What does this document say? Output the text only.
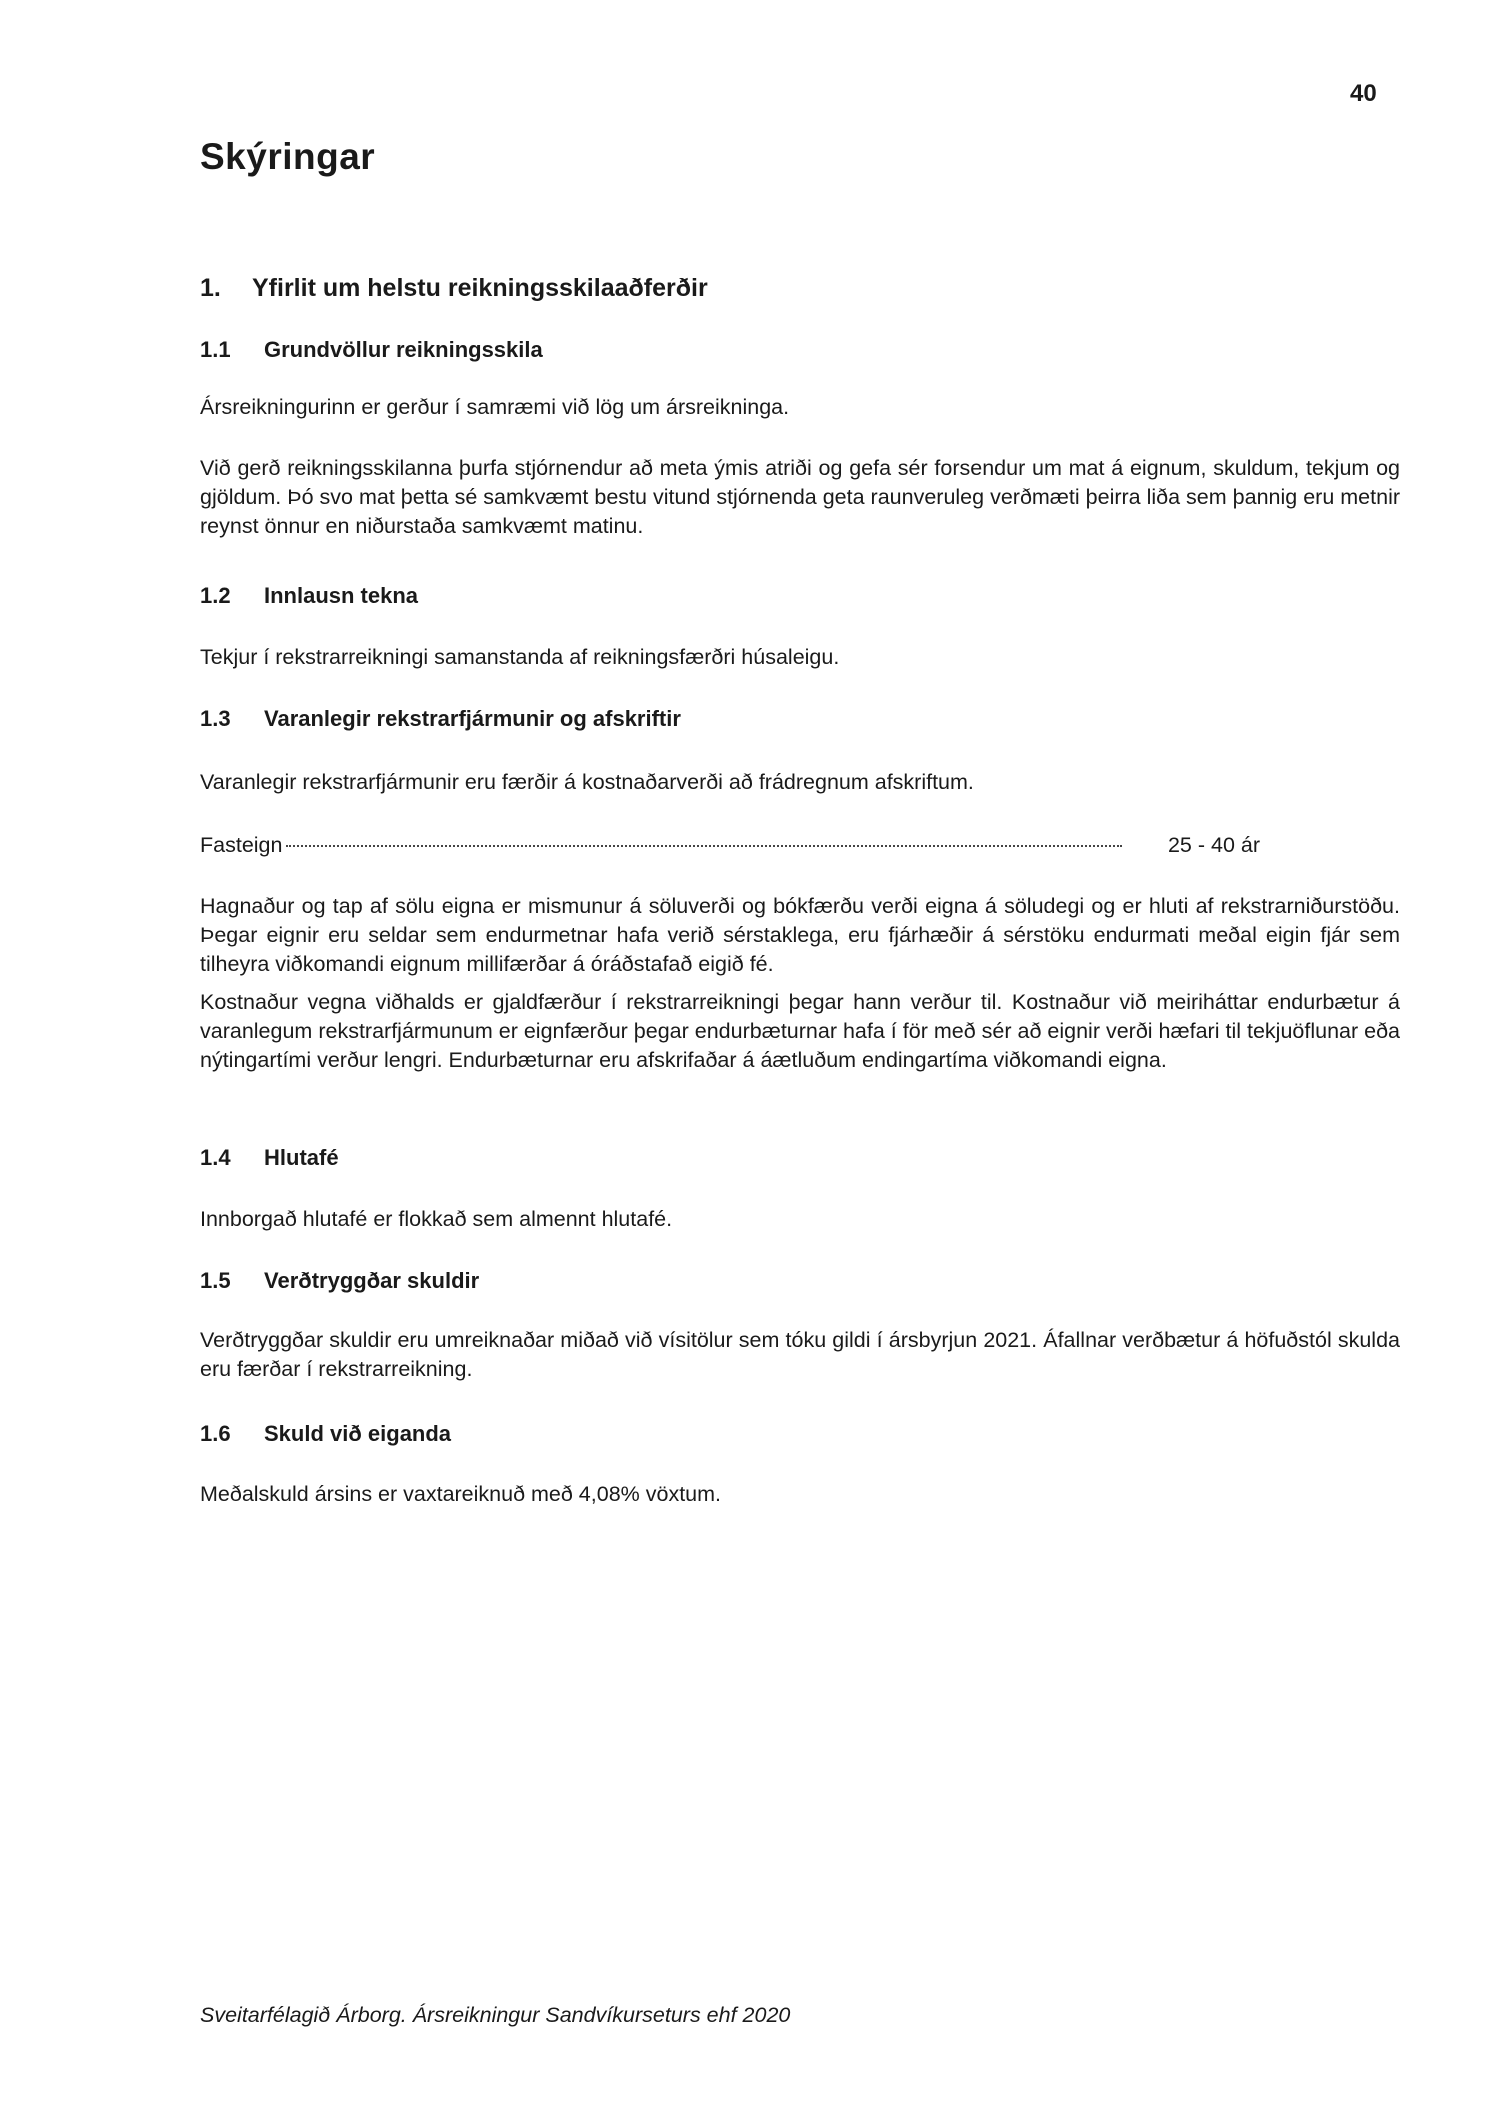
40
Skýringar
1. Yfirlit um helstu reikningsskilaaðferðir
1.1 Grundvöllur reikningsskila
Ársreikningurinn er gerður í samræmi við lög um ársreikninga.
Við gerð reikningsskilanna þurfa stjórnendur að meta ýmis atriði og gefa sér forsendur um mat á eignum, skuldum, tekjum og gjöldum. Þó svo mat þetta sé samkvæmt bestu vitund stjórnenda geta raunveruleg verðmæti þeirra liða sem þannig eru metnir reynst önnur en niðurstaða samkvæmt matinu.
1.2 Innlausn tekna
Tekjur í rekstrarreikningi samanstanda af reikningsfærðri húsaleigu.
1.3 Varanlegir rekstrarfjármunir og afskriftir
Varanlegir rekstrarfjármunir eru færðir á kostnaðarverði að frádregnum afskriftum.
Fasteign	25 - 40 ár
Hagnaður og tap af sölu eigna er mismunur á söluverði og bókfærðu verði eigna á söludegi og er hluti af rekstrarniðurstöðu. Þegar eignir eru seldar sem endurmetnar hafa verið sérstaklega, eru fjárhæðir á sérstöku endurmati meðal eigin fjár sem tilheyra viðkomandi eignum millifærðar á óráðstafað eigið fé.
Kostnaður vegna viðhalds er gjaldfærður í rekstrarreikningi þegar hann verður til. Kostnaður við meiriháttar endurbætur á varanlegum rekstrarfjármunum er eignfærður þegar endurbæturnar hafa í för með sér að eignir verði hæfari til tekjuöflunar eða nýtingartími verður lengri. Endurbæturnar eru afskrifaðar á áætluðum endingartíma viðkomandi eigna.
1.4 Hlutafé
Innborgað hlutafé er flokkað sem almennt hlutafé.
1.5 Verðtryggðar skuldir
Verðtryggðar skuldir eru umreiknaðar miðað við vísitölur sem tóku gildi í ársbyrjun 2021. Áfallnar verðbætur á höfuðstól skulda eru færðar í rekstrarreikning.
1.6 Skuld við eiganda
Meðalskuld ársins er vaxtareiknuð með 4,08% vöxtum.
Sveitarfélagið Árborg. Ársreikningur Sandvíkurseturs ehf 2020
